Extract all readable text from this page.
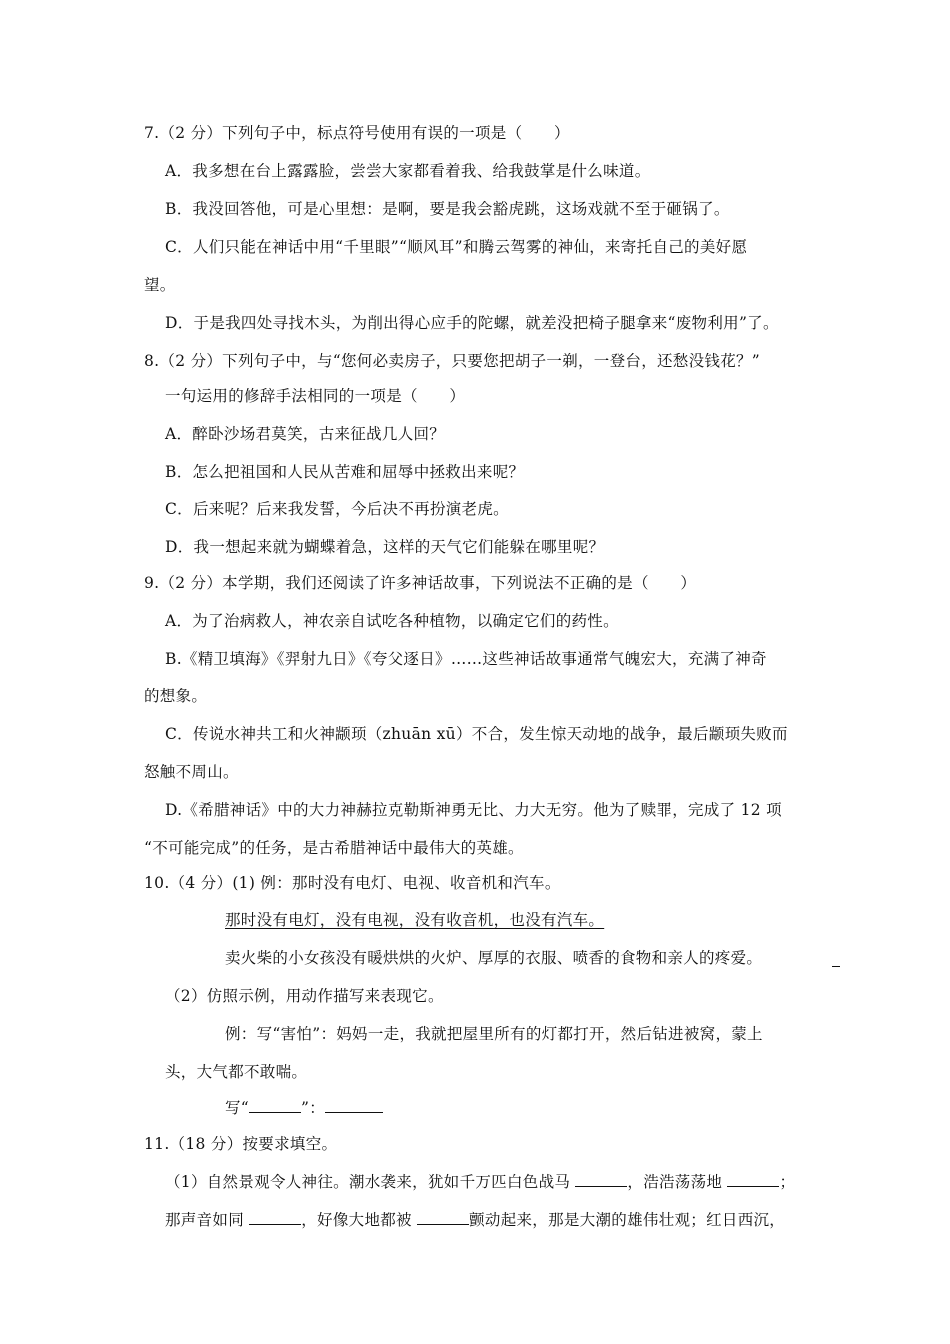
7.（2 分）下列句子中，标点符号使用有误的一项是（　　）
A．我多想在台上露露脸，尝尝大家都看着我、给我鼓掌是什么味道。
B．我没回答他，可是心里想：是啊，要是我会豁虎跳，这场戏就不至于砸锅了。
C．人们只能在神话中用“千里眼”“顺风耳”和腾云驾雾的神仙，来寄托自己的美好愿
望。
D．于是我四处寻找木头，为削出得心应手的陀螺，就差没把椅子腿拿来“废物利用”了。
8.（2 分）下列句子中，与“您何必卖房子，只要您把胡子一剃，一登台，还愁没钱花？”
一句运用的修辞手法相同的一项是（　　）
A．醉卧沙场君莫笑，古来征战几人回？
B．怎么把祖国和人民从苦难和屈辱中拯救出来呢？
C．后来呢？后来我发誓，今后决不再扮演老虎。
D．我一想起来就为蝴蝶着急，这样的天气它们能躲在哪里呢？
9.（2 分）本学期，我们还阅读了许多神话故事，下列说法不正确的是（　　）
A．为了治病救人，神农亲自试吃各种植物，以确定它们的药性。
B.《精卫填海》《羿射九日》《夸父逐日》……这些神话故事通常气魄宏大，充满了神奇
的想象。
C．传说水神共工和火神颛顼（zhuān xū）不合，发生惊天动地的战争，最后颛顼失败而
怒触不周山。
D.《希腊神话》中的大力神赫拉克勒斯神勇无比、力大无穷。他为了赎罪，完成了 12 项
“不可能完成”的任务，是古希腊神话中最伟大的英雄。
10.（4 分）(1) 例：那时没有电灯、电视、收音机和汽车。
那时没有电灯，没有电视，没有收音机，也没有汽车。
卖火柴的小女孩没有暖烘烘的火炉、厚厚的衣服、喷香的食物和亲人的疼爱。
（2）仿照示例，用动作描写来表现它。
例：写“害怕”：妈妈一走，我就把屋里所有的灯都打开，然后钻进被窝，蒙上
头，大气都不敢喘。
写“	”：
11.（18 分）按要求填空。
（1）自然景观令人神往。潮水袭来，犹如千万匹白色战马	，浩浩荡荡地	；
那声音如同	，好像大地都被	颤动起来，那是大潮的雄伟壮观；红日西沉，
